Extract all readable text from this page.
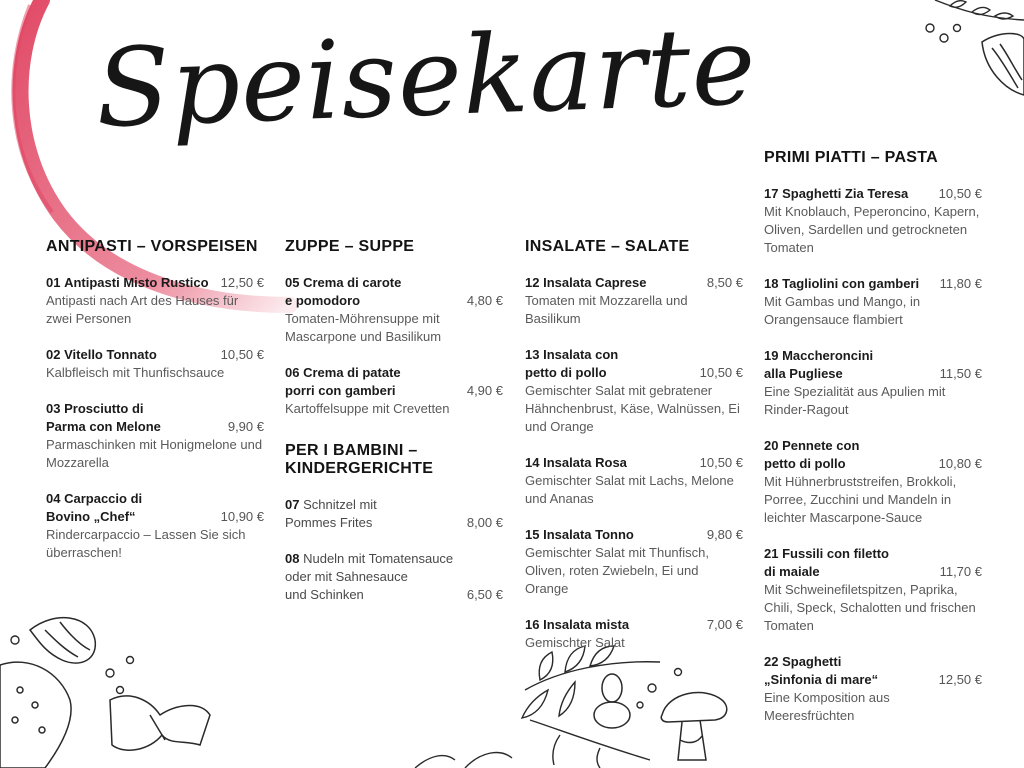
Speisekarte
ANTIPASTI – VORSPEISEN
01 Antipasti Misto Rustico 12,50 €
Antipasti nach Art des Hauses für zwei Personen
02 Vitello Tonnato	10,50 €
Kalbfleisch mit Thunfischsauce
03 Prosciutto di
Parma con Melone	9,90 €
Parmaschinken mit Honigmelone und Mozzarella
04 Carpaccio di
Bovino „Chef“	10,90 €
Rindercarpaccio – Lassen Sie sich überraschen!
ZUPPE – SUPPE
05 Crema di carote
e pomodoro	4,80 €
Tomaten-Möhrensuppe mit Mascarpone und Basilikum
06 Crema di patate
porri con gamberi	4,90 €
Kartoffelsuppe mit Crevetten
PER I BAMBINI – KINDERGERICHTE
07 Schnitzel mit
Pommes Frites	8,00 €
08 Nudeln mit Tomatensauce
oder mit Sahnesauce
und Schinken	6,50 €
INSALATE – SALATE
12 Insalata Caprese	8,50 €
Tomaten mit Mozzarella und Basilikum
13 Insalata con
petto di pollo	10,50 €
Gemischter Salat mit gebratener Hähnchenbrust, Käse, Walnüssen, Ei und Orange
14 Insalata Rosa	10,50 €
Gemischter Salat mit Lachs, Melone und Ananas
15 Insalata Tonno	9,80 €
Gemischter Salat mit Thunfisch, Oliven, roten Zwiebeln, Ei und Orange
16 Insalata mista	7,00 €
Gemischter Salat
PRIMI PIATTI – PASTA
17 Spaghetti Zia Teresa	10,50 €
Mit Knoblauch, Peperoncino, Kapern, Oliven, Sardellen und getrockneten Tomaten
18 Tagliolini con gamberi	11,80 €
Mit Gambas und Mango, in Orangensauce flambiert
19 Maccheroncini
alla Pugliese	11,50 €
Eine Spezialität aus Apulien mit Rinder-Ragout
20 Pennete con
petto di pollo	10,80 €
Mit Hühnerbruststreifen, Brokkoli, Porree, Zucchini und Mandeln in leichter Mascarpone-Sauce
21 Fussili con filetto
di maiale	11,70 €
Mit Schweinefiletspitzen, Paprika, Chili, Speck, Schalotten und frischen Tomaten
22 Spaghetti
„Sinfonia di mare“	12,50 €
Eine Komposition aus Meeresfrüchten
